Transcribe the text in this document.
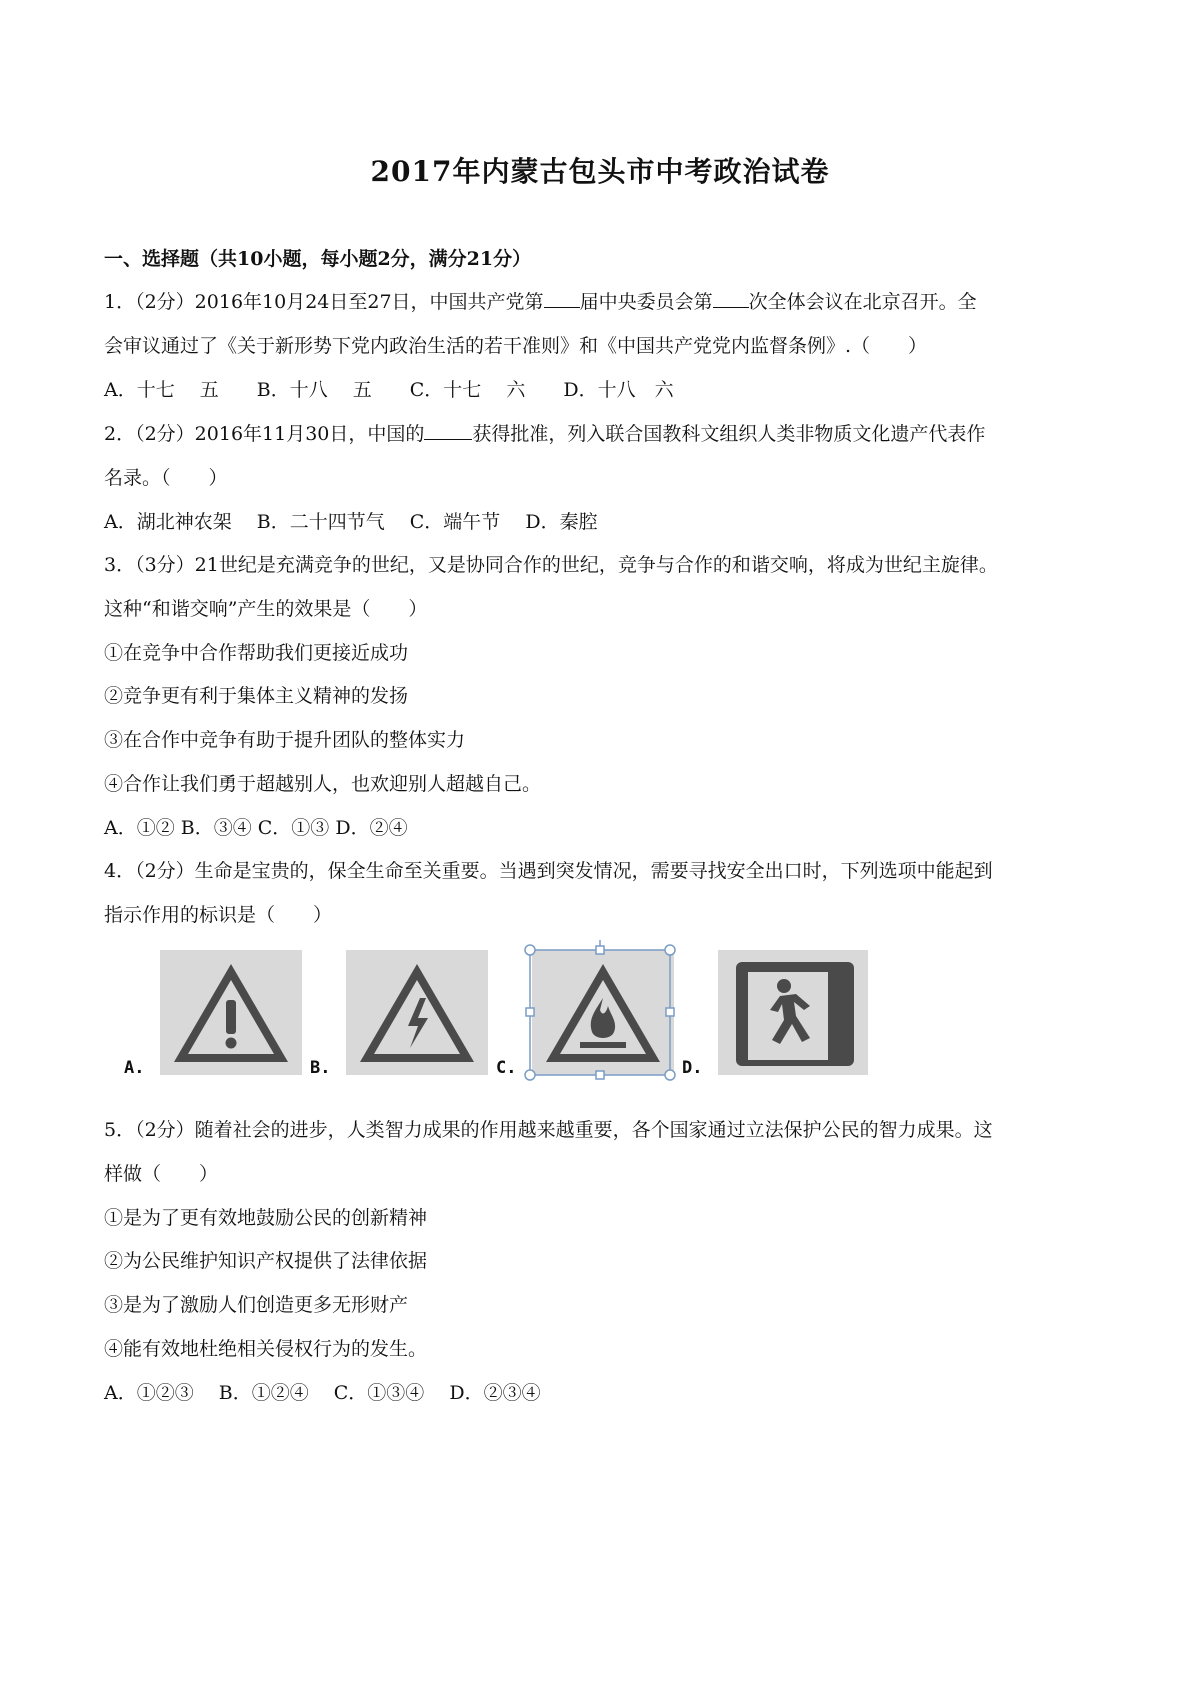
2017年内蒙古包头市中考政治试卷
一、选择题（共10小题，每小题2分，满分21分）
1．（2分）2016年10月24日至27日，中国共产党第 届中央委员会第 次全体会议在北京召开。全
会审议通过了《关于新形势下党内政治生活的若干准则》和《中国共产党党内监督条例》.（　　）
A．十七　 五　　B．十八　 五　　C．十七　 六　　D．十八　六
2．（2分）2016年11月30日，中国的	获得批准，列入联合国教科文组织人类非物质文化遗产代表作
名录。（　　）
A．湖北神农架　 B．二十四节气　 C．端午节　 D．秦腔
3．（3分）21世纪是充满竞争的世纪，又是协同合作的世纪，竞争与合作的和谐交响，将成为世纪主旋律。
这种“和谐交响”产生的效果是（　　）
①在竞争中合作帮助我们更接近成功
②竞争更有利于集体主义精神的发扬
③在合作中竞争有助于提升团队的整体实力
④合作让我们勇于超越别人，也欢迎别人超越自己。
A．①② B．③④ C．①③ D．②④
4．（2分）生命是宝贵的，保全生命至关重要。当遇到突发情况，需要寻找安全出口时，下列选项中能起到
指示作用的标识是（　　）
A.	B.	C.	D.
5．（2分）随着社会的进步，人类智力成果的作用越来越重要，各个国家通过立法保护公民的智力成果。这
样做（　　）
①是为了更有效地鼓励公民的创新精神
②为公民维护知识产权提供了法律依据
③是为了激励人们创造更多无形财产
④能有效地杜绝相关侵权行为的发生。
A．①②③　 B．①②④　 C．①③④　 D．②③④
